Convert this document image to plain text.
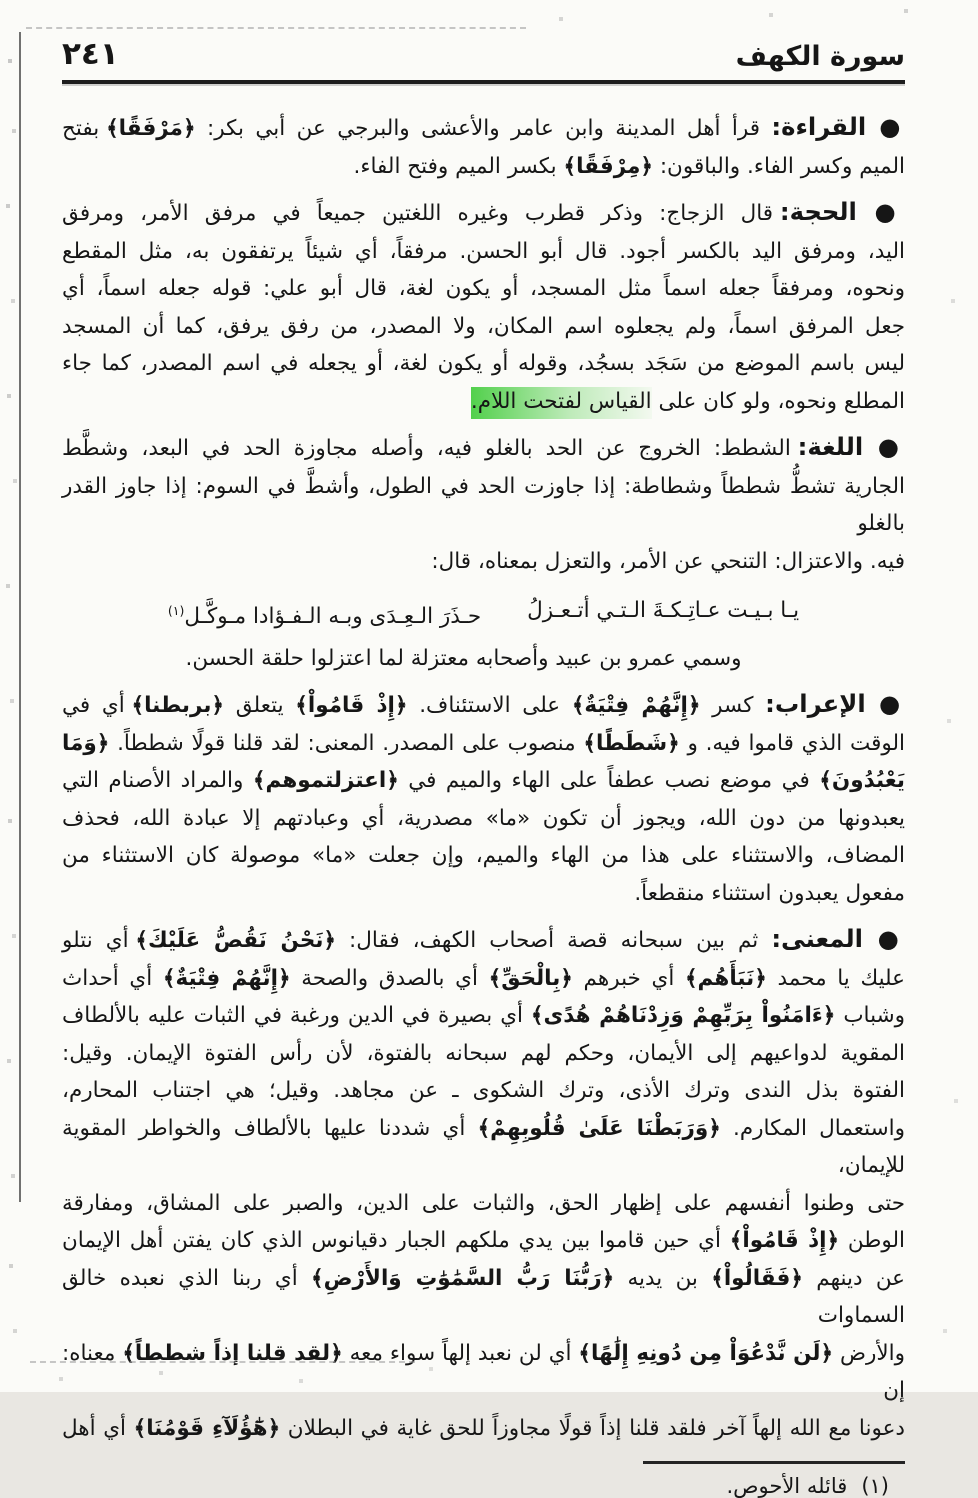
سورة الكهف
٢٤١
● القراءة: قرأ أهل المدينة وابن عامر والأعشى والبرجي عن أبي بكر: ﴿مَرْفَقًا﴾ بفتح
الميم وكسر الفاء. والباقون: ﴿مِرْفَقًا﴾ بكسر الميم وفتح الفاء.
● الحجة: قال الزجاج: وذكر قطرب وغيره اللغتين جميعاً في مرفق الأمر، ومرفق
اليد، ومرفق اليد بالكسر أجود. قال أبو الحسن. مرفقاً، أي شيئاً يرتفقون به، مثل المقطع
ونحوه، ومرفقاً جعله اسماً مثل المسجد، أو يكون لغة، قال أبو علي: قوله جعله اسماً، أي
جعل المرفق اسماً، ولم يجعلوه اسم المكان، ولا المصدر، من رفق يرفق، كما أن المسجد
ليس باسم الموضع من سَجَد بسجُد، وقوله أو يكون لغة، أو يجعله في اسم المصدر، كما جاء
المطلع ونحوه، ولو كان على القياس لفتحت اللام.
● اللغة: الشطط: الخروج عن الحد بالغلو فيه، وأصله مجاوزة الحد في البعد، وشطَّط
الجارية تشطُّ شططاً وشطاطة: إذا جاوزت الحد في الطول، وأشطَّ في السوم: إذا جاوز القدر بالغلو
فيه. والاعتزال: التنحي عن الأمر، والتعزل بمعناه، قال:
يـا بـيـت عـاتِـكـةَ الـتـي أتـعـزلُ
حـذَرَ الـعِـدَى وبـه الـفـؤادا مـوكَّـل$^{(١)}$
وسمي عمرو بن عبيد وأصحابه معتزلة لما اعتزلوا حلقة الحسن.
● الإعراب: كسر ﴿إِنَّهُمْ فِتْيَةٌ﴾ على الاستئناف. ﴿إِذْ قَامُواْ﴾ يتعلق ﴿بربطنا﴾ أي في
الوقت الذي قاموا فيه. و ﴿شَطَطًا﴾ منصوب على المصدر. المعنى: لقد قلنا قولًا شططاً. ﴿وَمَا
يَعْبُدُونَ﴾ في موضع نصب عطفاً على الهاء والميم في ﴿اعتزلتموهم﴾ والمراد الأصنام التي
يعبدونها من دون الله، ويجوز أن تكون «ما» مصدرية، أي وعبادتهم إلا عبادة الله، فحذف
المضاف، والاستثناء على هذا من الهاء والميم، وإن جعلت «ما» موصولة كان الاستثناء من
مفعول يعبدون استثناء منقطعاً.
● المعنى: ثم بين سبحانه قصة أصحاب الكهف، فقال: ﴿نَحْنُ نَقُصُّ عَلَيْكَ﴾ أي نتلو
عليك يا محمد ﴿نَبَأَهُم﴾ أي خبرهم ﴿بِالْحَقِّ﴾ أي بالصدق والصحة ﴿إِنَّهُمْ فِتْيَةٌ﴾ أي أحداث
وشباب ﴿ءَامَنُواْ بِرَبِّهِمْ وَزِدْنَاهُمْ هُدًى﴾ أي بصيرة في الدين ورغبة في الثبات عليه بالألطاف
المقوية لدواعيهم إلى الأيمان، وحكم لهم سبحانه بالفتوة، لأن رأس الفتوة الإيمان. وقيل:
الفتوة بذل الندى وترك الأذى، وترك الشكوى ـ عن مجاهد. وقيل؛ هي اجتناب المحارم،
واستعمال المكارم. ﴿وَرَبَطْنَا عَلَىٰ قُلُوبِهِمْ﴾ أي شددنا عليها بالألطاف والخواطر المقوية للإيمان،
حتى وطنوا أنفسهم على إظهار الحق، والثبات على الدين، والصبر على المشاق، ومفارقة
الوطن ﴿إِذْ قَامُواْ﴾ أي حين قاموا بين يدي ملكهم الجبار دقيانوس الذي كان يفتن أهل الإيمان
عن دينهم ﴿فَقَالُواْ﴾ بن يديه ﴿رَبُّنَا رَبُّ السَّمَٰوَٰتِ وَالأَرْضِ﴾ أي ربنا الذي نعبده خالق السماوات
والأرض ﴿لَن نَّدْعُوَاْ مِن دُونِهِ إِلَٰهًا﴾ أي لن نعبد إلهاً سواء معه ﴿لقد قلنا إذاً شططاً﴾ معناه: إن
دعونا مع الله إلهاً آخر فلقد قلنا إذاً قولًا مجاوزاً للحق غاية في البطلان ﴿هَٰٓؤُلَآءِ قَوْمُنَا﴾ أي أهل
(١)
قائله الأحوص.
